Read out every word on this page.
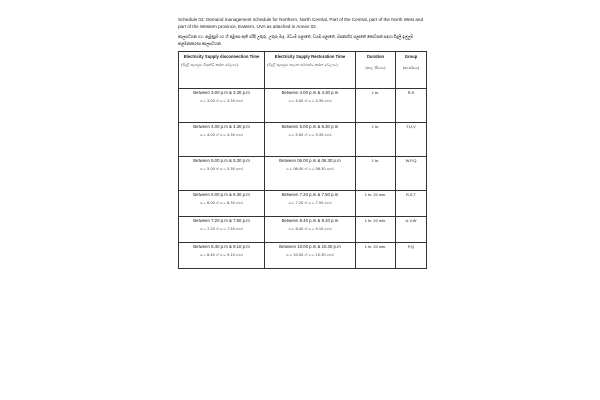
Schedule 02: Demand management schedule for Northern, North Central, Part of the Central, part of the North West and part of the Western province, Eastern, UVA as attached in Annex 02.

කාලසටහන 02: ඇමුණුම 02 හි අමුණා ඇති පරිදි උතුරු, උතුරු මැද, මධ්‍යම පළාතේ, වයඹ පළාතේ, බස්නාහිර පළාතේ කොටසක් සඳහා විදුලි ඉල්ලුම් කළමනාකරණ කාලසටහන.

Electricity Supply disconnection Time
(විදුලි සැපයුම විසන්ධි කරන වේලාව)	Electricity Supply Restoration Time
(විදුලි සැපයුම නැවත සම්බන්ධ කරන වේලාව)	Duration
(කාල සීමාව)	Group
(කාණ්ඩය)

Between 3.00 p.m & 3.30 p.m
ප.ව 3.00 ත් ප.ව 3.30 අතර	Between 4.00 p.m & 4.30 p.m
ප.ව 4.00 ත් ප.ව 4.30 අතර	1 hr.	R,S

Between 4.00 p.m & 4.30 p.m
ප.ව 4.00 ත් ප.ව 4.30 අතර	Between 5.00 p.m & 5.30 p.m
ප.ව 5.00 ත් ප.ව 5.30 අතර	1 hr.	T,U,V

Between 5.00 p.m & 5.30 p.m
ප.ව 5.00 ත් ප.ව 5.30 අතර	Between 06.00 p.m & 06.30 p.m
ප.ව 06.00 ත් ප.ව 06.30 අතර	1 hr.	W,P,Q

Between 6.00 p.m & 6.30 p.m
ප.ව 6.00 ත් ප.ව 6.30 අතර	Between 7.20 p.m & 7.50 p.m
ප.ව 7.20 ත් ප.ව 7.50 අතර	1 hr. 20 min.	R,S,T

Between 7.20 p.m & 7.50 p.m
ප.ව 7.20 ත් ප.ව 7.50 අතර	Between 8.40 p.m & 9.10 p.m
ප.ව 8.40 ත් ප.ව 9.10 අතර	1 hr. 20 min.	U,V,W

Between 8.40 p.m & 9.10 p.m
ප.ව 8.40 ත් ප.ව 9.10 අතර	Between 10.00 p.m & 10.30 p.m
ප.ව 10.00 ත් ප.ව 10.30 අතර	1 hr. 20 min.	P,Q
